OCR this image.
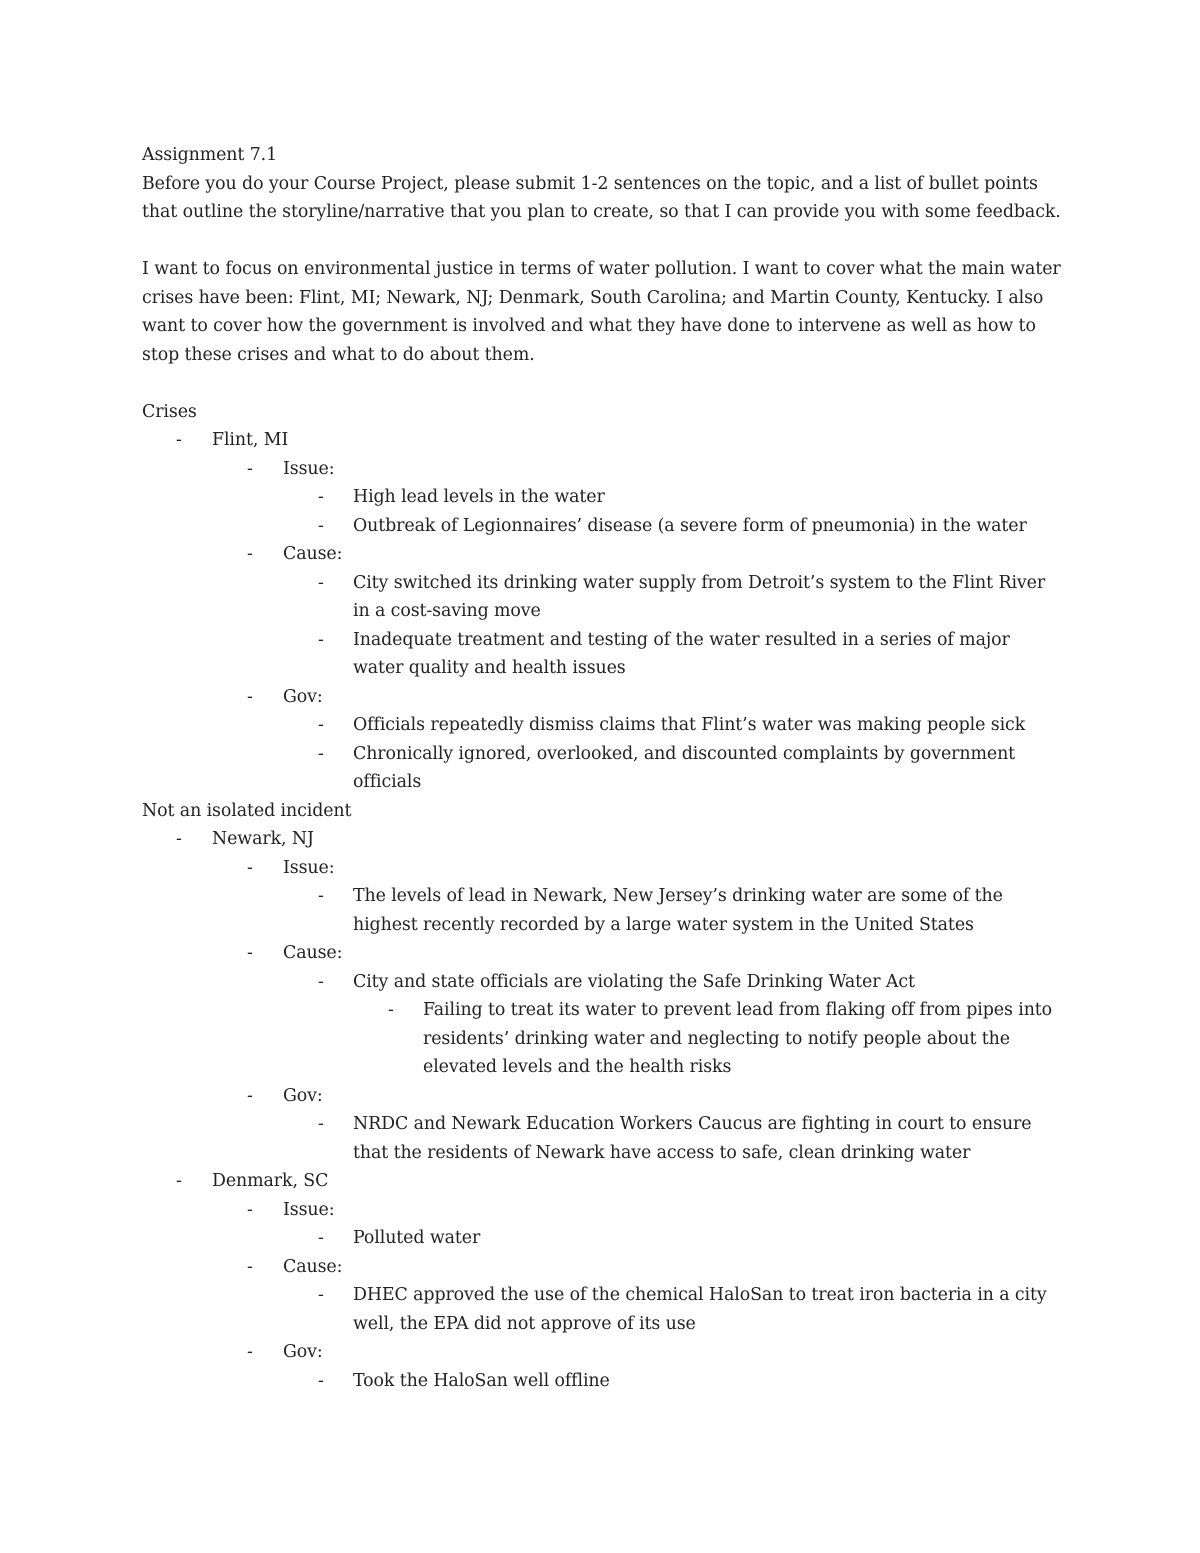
Assignment 7.1
Before you do your Course Project, please submit 1-2 sentences on the topic, and a list of bullet points
that outline the storyline/narrative that you plan to create, so that I can provide you with some feedback.
I want to focus on environmental justice in terms of water pollution. I want to cover what the main water
crises have been: Flint, MI; Newark, NJ; Denmark, South Carolina; and Martin County, Kentucky. I also
want to cover how the government is involved and what they have done to intervene as well as how to
stop these crises and what to do about them.
Crises
-	Flint, MI
-	Issue:
-	High lead levels in the water
-	Outbreak of Legionnaires’ disease (a severe form of pneumonia) in the water
-	Cause:
-	City switched its drinking water supply from Detroit’s system to the Flint River in a cost-saving move
-	Inadequate treatment and testing of the water resulted in a series of major water quality and health issues
-	Gov:
-	Officials repeatedly dismiss claims that Flint’s water was making people sick
-	Chronically ignored, overlooked, and discounted complaints by government officials
Not an isolated incident
-	Newark, NJ
-	Issue:
-	The levels of lead in Newark, New Jersey’s drinking water are some of the highest recently recorded by a large water system in the United States
-	Cause:
-	City and state officials are violating the Safe Drinking Water Act
-	Failing to treat its water to prevent lead from flaking off from pipes into residents’ drinking water and neglecting to notify people about the elevated levels and the health risks
-	Gov:
-	NRDC and Newark Education Workers Caucus are fighting in court to ensure that the residents of Newark have access to safe, clean drinking water
-	Denmark, SC
-	Issue:
-	Polluted water
-	Cause:
-	DHEC approved the use of the chemical HaloSan to treat iron bacteria in a city well, the EPA did not approve of its use
-	Gov:
-	Took the HaloSan well offline
